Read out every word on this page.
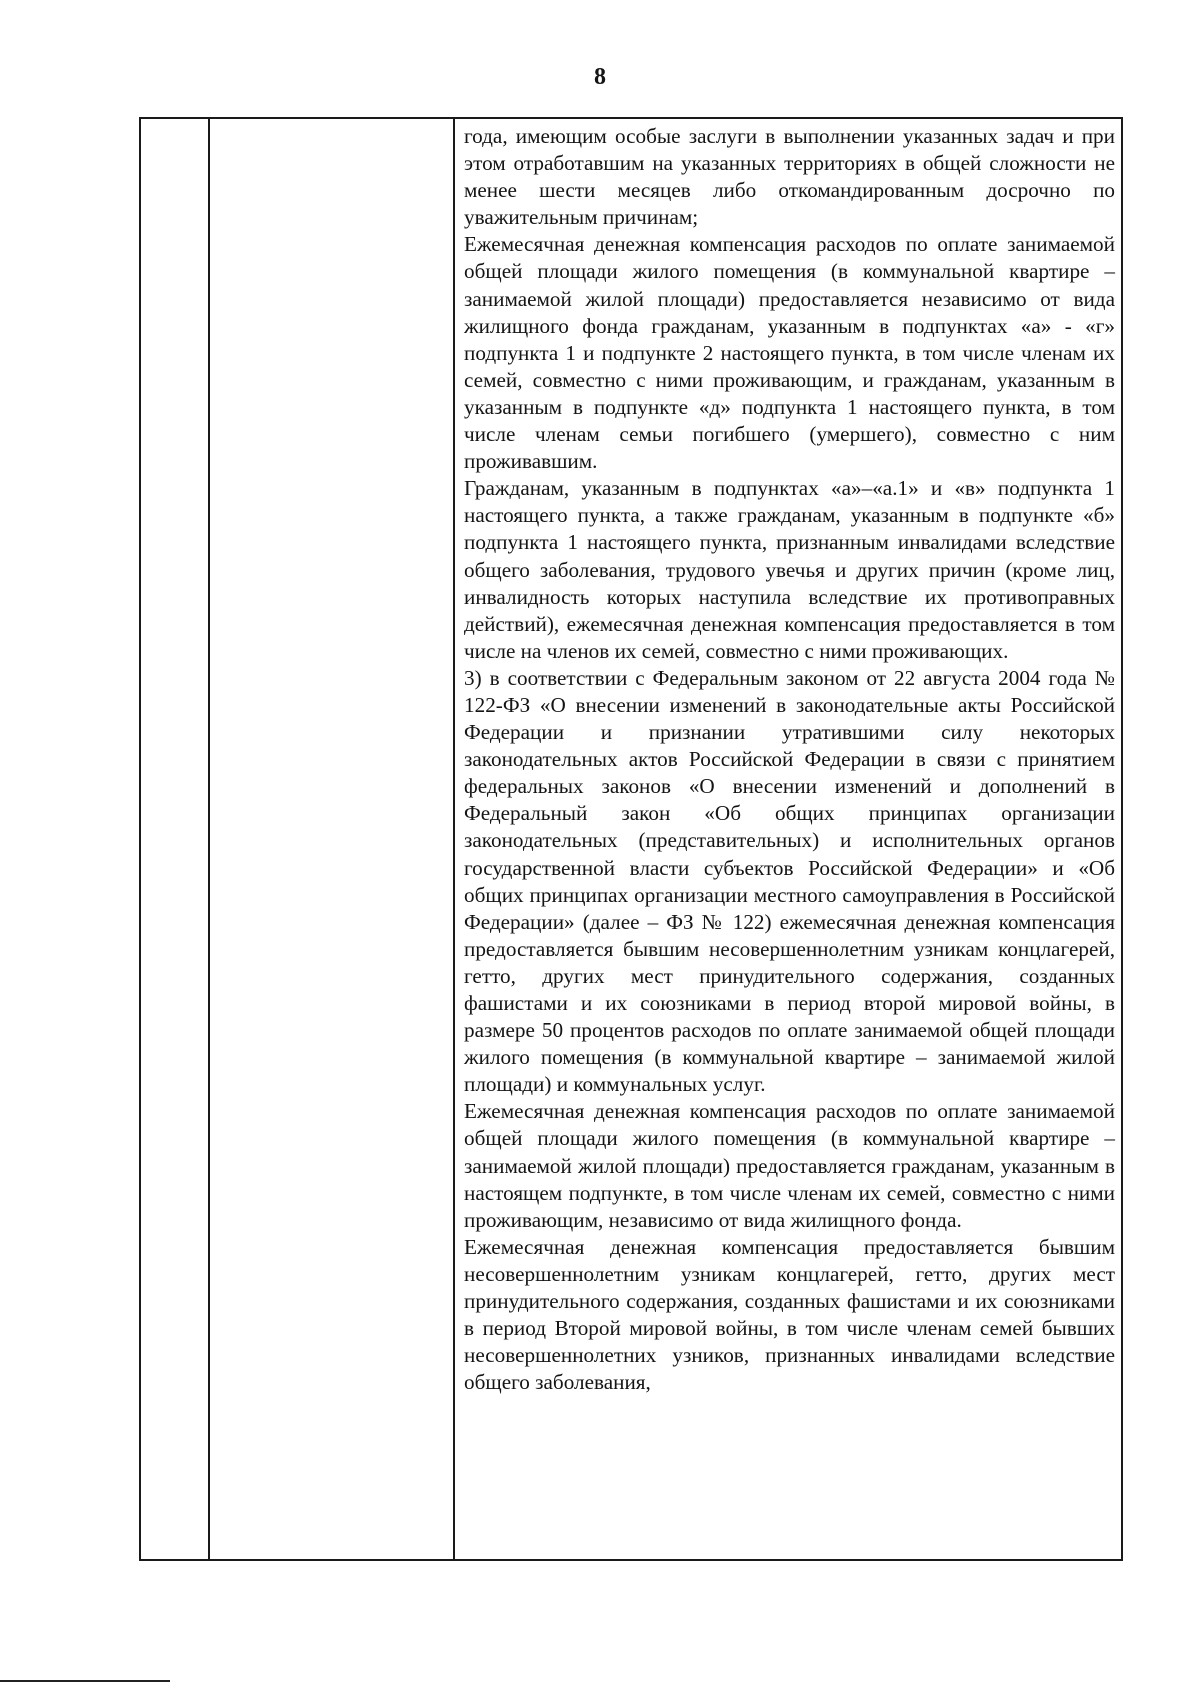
8

года, имеющим особые заслуги в выполнении указанных задач и при этом отработавшим на указанных территориях в общей сложности не менее шести месяцев либо откомандированным досрочно по уважительным причинам;

Ежемесячная денежная компенсация расходов по оплате занимаемой общей площади жилого помещения (в коммунальной квартире – занимаемой жилой площади) предоставляется независимо от вида жилищного фонда гражданам, указанным в подпунктах «а» - «г» подпункта 1 и подпункте 2 настоящего пункта, в том числе членам их семей, совместно с ними проживающим, и гражданам, указанным в указанным в подпункте «д» подпункта 1 настоящего пункта, в том числе членам семьи погибшего (умершего), совместно с ним проживавшим.

Гражданам, указанным в подпунктах «а»–«а.1» и «в» подпункта 1 настоящего пункта, а также гражданам, указанным в подпункте «б» подпункта 1 настоящего пункта, признанным инвалидами вследствие общего заболевания, трудового увечья и других причин (кроме лиц, инвалидность которых наступила вследствие их противоправных действий), ежемесячная денежная компенсация предоставляется в том числе на членов их семей, совместно с ними проживающих.

3) в соответствии с Федеральным законом от 22 августа 2004 года № 122-ФЗ «О внесении изменений в законодательные акты Российской Федерации и признании утратившими силу некоторых законодательных актов Российской Федерации в связи с принятием федеральных законов «О внесении изменений и дополнений в Федеральный закон «Об общих принципах организации законодательных (представительных) и исполнительных органов государственной власти субъектов Российской Федерации» и «Об общих принципах организации местного самоуправления в Российской Федерации» (далее – ФЗ № 122) ежемесячная денежная компенсация предоставляется бывшим несовершеннолетним узникам концлагерей, гетто, других мест принудительного содержания, созданных фашистами и их союзниками в период второй мировой войны, в размере 50 процентов расходов по оплате занимаемой общей площади жилого помещения (в коммунальной квартире – занимаемой жилой площади) и коммунальных услуг.

Ежемесячная денежная компенсация расходов по оплате занимаемой общей площади жилого помещения (в коммунальной квартире – занимаемой жилой площади) предоставляется гражданам, указанным в настоящем подпункте, в том числе членам их семей, совместно с ними проживающим, независимо от вида жилищного фонда.

Ежемесячная денежная компенсация предоставляется бывшим несовершеннолетним узникам концлагерей, гетто, других мест принудительного содержания, созданных фашистами и их союзниками в период Второй мировой войны, в том числе членам семей бывших несовершеннолетних узников, признанных инвалидами вследствие общего заболевания,
